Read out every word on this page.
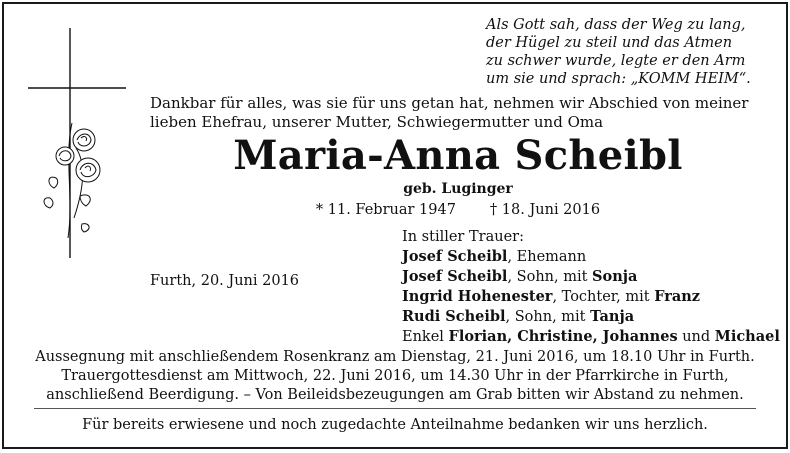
Als Gott sah, dass der Weg zu lang,
der Hügel zu steil und das Atmen
zu schwer wurde, legte er den Arm
um sie und sprach: „KOMM HEIM“.
Dankbar für alles, was sie für uns getan hat, nehmen wir Abschied von meiner lieben Ehefrau, unserer Mutter, Schwiegermutter und Oma
Maria-Anna Scheibl
geb. Luginger
* 11. Februar 1947 † 18. Juni 2016
Furth, 20. Juni 2016
In stiller Trauer:
Josef Scheibl, Ehemann
Josef Scheibl, Sohn, mit Sonja
Ingrid Hohenester, Tochter, mit Franz
Rudi Scheibl, Sohn, mit Tanja
Enkel Florian, Christine, Johannes und Michael
Aussegnung mit anschließendem Rosenkranz am Dienstag, 21. Juni 2016, um 18.10 Uhr in Furth.
Trauergottesdienst am Mittwoch, 22. Juni 2016, um 14.30 Uhr in der Pfarrkirche in Furth,
anschließend Beerdigung. – Von Beileidsbezeugungen am Grab bitten wir Abstand zu nehmen.
Für bereits erwiesene und noch zugedachte Anteilnahme bedanken wir uns herzlich.
